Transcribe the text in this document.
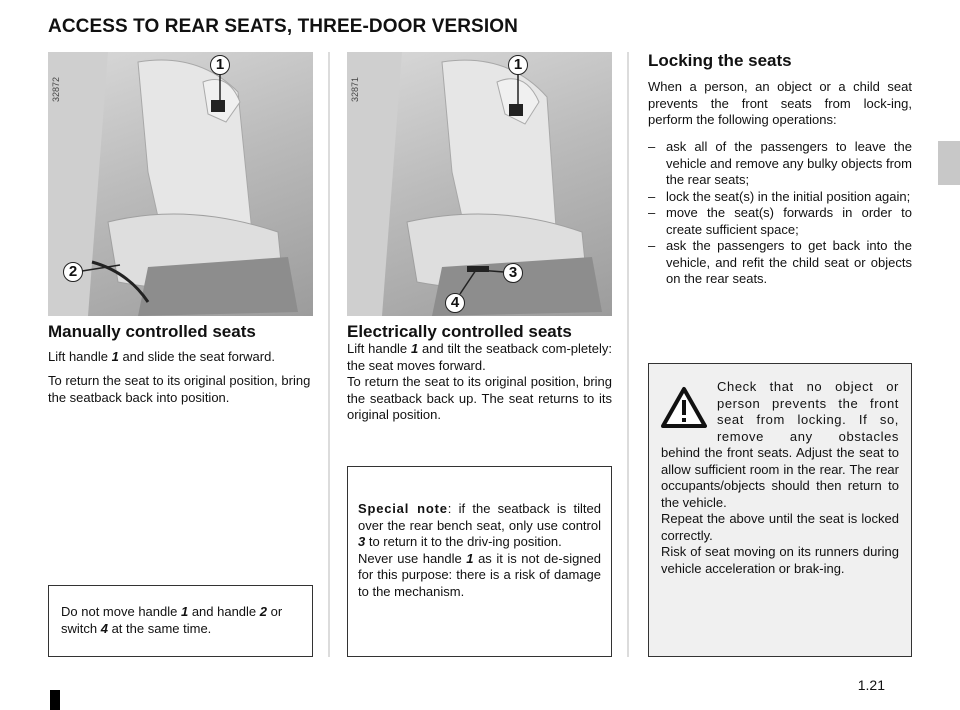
ACCESS TO REAR SEATS, THREE-DOOR VERSION
32872
1
2
32871
1
3
4
Manually controlled seats
Lift handle 1 and slide the seat forward.
To return the seat to its original position, bring the seatback back into position.
Do not move handle 1 and handle 2 or switch 4 at the same time.
Electrically controlled seats
Lift handle 1 and tilt the seatback com-pletely: the seat moves forward.
To return the seat to its original position, bring the seatback back up. The seat returns to its original position.
Special note: if the seatback is tilted over the rear bench seat, only use control 3 to return it to the driv-ing position.
Never use handle 1 as it is not de-signed for this purpose: there is a risk of damage to the mechanism.
Locking the seats
When a person, an object or a child seat prevents the front seats from lock-ing, perform the following operations:
– ask all of the passengers to leave the vehicle and remove any bulky objects from the rear seats;
– lock the seat(s) in the initial position again;
– move the seat(s) forwards in order to create sufficient space;
– ask the passengers to get back into the vehicle, and refit the child seat or objects on the rear seats.
Check that no object or person prevents the front seat from locking. If so, remove any obstacles
behind the front seats. Adjust the seat to allow sufficient room in the rear. The rear occupants/objects should then return to the vehicle.
Repeat the above until the seat is locked correctly.
Risk of seat moving on its runners during vehicle acceleration or brak-ing.
1.21
